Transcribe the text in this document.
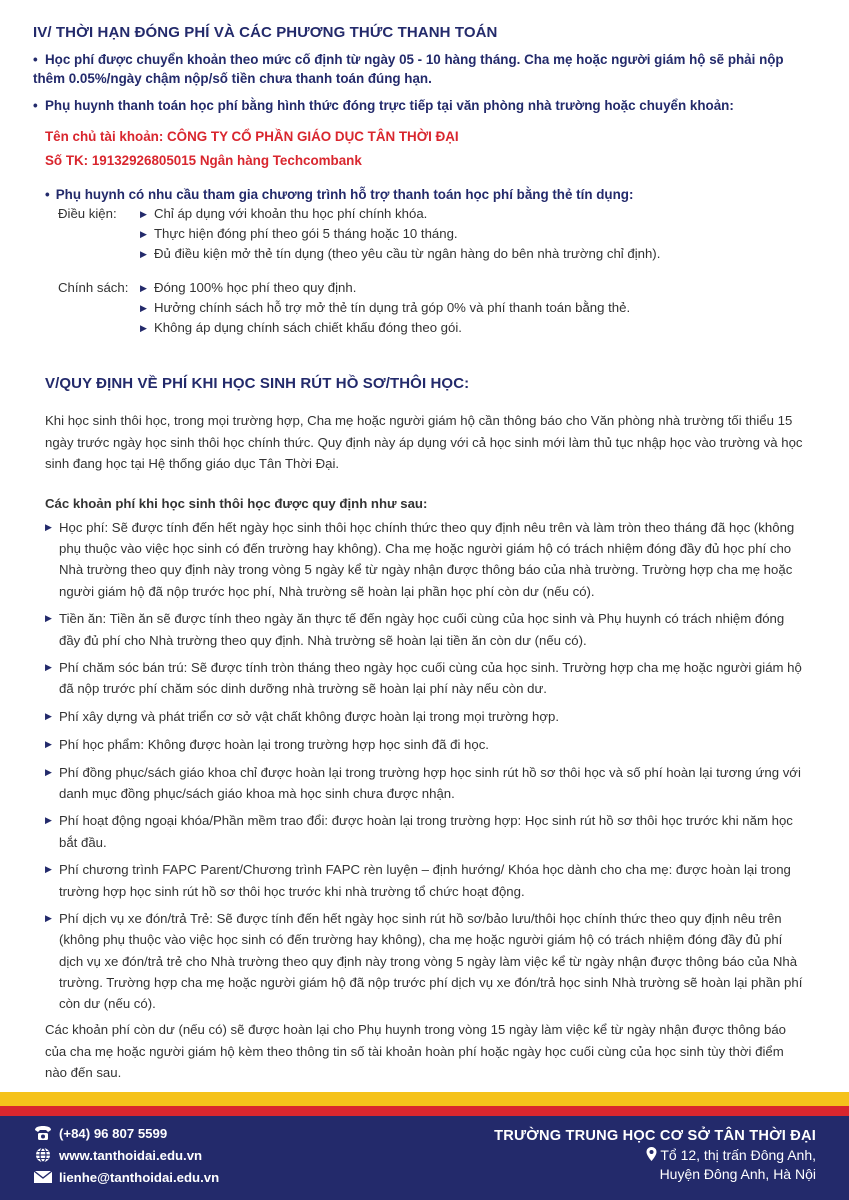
IV/ THỜI HẠN ĐÓNG PHÍ VÀ CÁC PHƯƠNG THỨC THANH TOÁN
• Học phí được chuyển khoản theo mức cố định từ ngày 05 - 10 hàng tháng. Cha mẹ hoặc người giám hộ sẽ phải nộp thêm 0.05%/ngày chậm nộp/số tiền chưa thanh toán đúng hạn.
• Phụ huynh thanh toán học phí bằng hình thức đóng trực tiếp tại văn phòng nhà trường hoặc chuyển khoản:
Tên chủ tài khoản: CÔNG TY CỔ PHẦN GIÁO DỤC TÂN THỜI ĐẠI
Số TK: 19132926805015 Ngân hàng Techcombank
• Phụ huynh có nhu cầu tham gia chương trình hỗ trợ thanh toán học phí bằng thẻ tín dụng:
Điều kiện:	▶ Chỉ áp dụng với khoản thu học phí chính khóa.
▶ Thực hiện đóng phí theo gói 5 tháng hoặc 10 tháng.
▶ Đủ điều kiện mở thẻ tín dụng (theo yêu cầu từ ngân hàng do bên nhà trường chỉ định).
Chính sách: ▶ Đóng 100% học phí theo quy định.
▶ Hưởng chính sách hỗ trợ mở thẻ tín dụng trả góp 0% và phí thanh toán bằng thẻ.
▶ Không áp dụng chính sách chiết khấu đóng theo gói.
V/QUY ĐỊNH VỀ PHÍ KHI HỌC SINH RÚT HỒ SƠ/THÔI HỌC:
Khi học sinh thôi học, trong mọi trường hợp, Cha mẹ hoặc người giám hộ cần thông báo cho Văn phòng nhà trường tối thiểu 15 ngày trước ngày học sinh thôi học chính thức. Quy định này áp dụng với cả học sinh mới làm thủ tục nhập học vào trường và học sinh đang học tại Hệ thống giáo dục Tân Thời Đại.
Các khoản phí khi học sinh thôi học được quy định như sau:
▶ Học phí: Sẽ được tính đến hết ngày học sinh thôi học chính thức theo quy định nêu trên và làm tròn theo tháng đã học (không phụ thuộc vào việc học sinh có đến trường hay không). Cha mẹ hoặc người giám hộ có trách nhiệm đóng đầy đủ học phí cho Nhà trường theo quy định này trong vòng 5 ngày kể từ ngày nhận được thông báo của nhà trường. Trường hợp cha mẹ hoặc người giám hộ đã nộp trước học phí, Nhà trường sẽ hoàn lại phần học phí còn dư (nếu có).
▶ Tiền ăn: Tiền ăn sẽ được tính theo ngày ăn thực tế đến ngày học cuối cùng của học sinh và Phụ huynh có trách nhiệm đóng đầy đủ phí cho Nhà trường theo quy định. Nhà trường sẽ hoàn lại tiền ăn còn dư (nếu có).
▶ Phí chăm sóc bán trú: Sẽ được tính tròn tháng theo ngày học cuối cùng của học sinh. Trường hợp cha mẹ hoặc người giám hộ đã nộp trước phí chăm sóc dinh dưỡng nhà trường sẽ hoàn lại phí này nếu còn dư.
▶ Phí xây dựng và phát triển cơ sở vật chất không được hoàn lại trong mọi trường hợp.
▶ Phí học phẩm: Không được hoàn lại trong trường hợp học sinh đã đi học.
▶ Phí đồng phục/sách giáo khoa chỉ được hoàn lại trong trường hợp học sinh rút hồ sơ thôi học và số phí hoàn lại tương ứng với danh mục đồng phục/sách giáo khoa mà học sinh chưa được nhận.
▶ Phí hoạt động ngoại khóa/Phần mềm trao đổi: được hoàn lại trong trường hợp: Học sinh rút hồ sơ thôi học trước khi năm học bắt đầu.
▶ Phí chương trình FAPC Parent/Chương trình FAPC rèn luyện – định hướng/ Khóa học dành cho cha mẹ: được hoàn lại trong trường hợp học sinh rút hồ sơ thôi học trước khi nhà trường tổ chức hoạt động.
▶ Phí dịch vụ xe đón/trả Trẻ: Sẽ được tính đến hết ngày học sinh rút hồ sơ/bảo lưu/thôi học chính thức theo quy định nêu trên (không phụ thuộc vào việc học sinh có đến trường hay không), cha mẹ hoặc người giám hộ có trách nhiệm đóng đầy đủ phí dịch vụ xe đón/trả trẻ cho Nhà trường theo quy định này trong vòng 5 ngày làm việc kể từ ngày nhận được thông báo của Nhà trường. Trường hợp cha mẹ hoặc người giám hộ đã nộp trước phí dịch vụ xe đón/trả học sinh Nhà trường sẽ hoàn lại phần phí còn dư (nếu có).
Các khoản phí còn dư (nếu có) sẽ được hoàn lại cho Phụ huynh trong vòng 15 ngày làm việc kể từ ngày nhận được thông báo của cha mẹ hoặc người giám hộ kèm theo thông tin số tài khoản hoàn phí hoặc ngày học cuối cùng của học sinh tùy thời điểm nào đến sau.
(+84) 96 807 5599
www.tanthoidai.edu.vn
lienhe@tanthoidai.edu.vn
TRƯỜNG TRUNG HỌC CƠ SỞ TÂN THỜI ĐẠI
Tổ 12, thị trấn Đông Anh,
Huyện Đông Anh, Hà Nội
